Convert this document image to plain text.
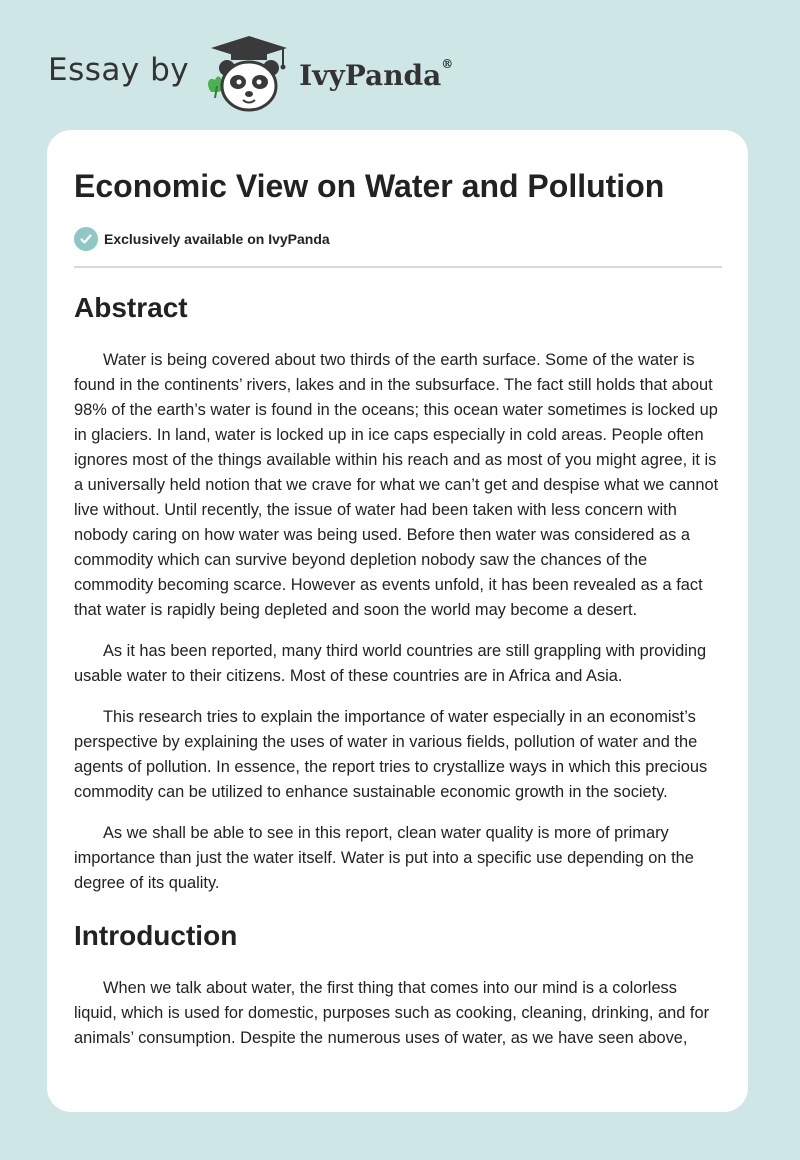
Essay by	IvyPanda®
Economic View on Water and Pollution
Exclusively available on IvyPanda
Abstract

Water is being covered about two thirds of the earth surface. Some of the water is found in the continents’ rivers, lakes and in the subsurface. The fact still holds that about 98% of the earth’s water is found in the oceans; this ocean water sometimes is locked up in glaciers. In land, water is locked up in ice caps especially in cold areas. People often ignores most of the things available within his reach and as most of you might agree, it is a universally held notion that we crave for what we can’t get and despise what we cannot live without. Until recently, the issue of water had been taken with less concern with nobody caring on how water was being used. Before then water was considered as a commodity which can survive beyond depletion nobody saw the chances of the commodity becoming scarce. However as events unfold, it has been revealed as a fact that water is rapidly being depleted and soon the world may become a desert.

As it has been reported, many third world countries are still grappling with providing usable water to their citizens. Most of these countries are in Africa and Asia.

This research tries to explain the importance of water especially in an economist’s perspective by explaining the uses of water in various fields, pollution of water and the agents of pollution. In essence, the report tries to crystallize ways in which this precious commodity can be utilized to enhance sustainable economic growth in the society.

As we shall be able to see in this report, clean water quality is more of primary importance than just the water itself. Water is put into a specific use depending on the degree of its quality.

Introduction

When we talk about water, the first thing that comes into our mind is a colorless liquid, which is used for domestic, purposes such as cooking, cleaning, drinking, and for animals’ consumption. Despite the numerous uses of water, as we have seen above,
